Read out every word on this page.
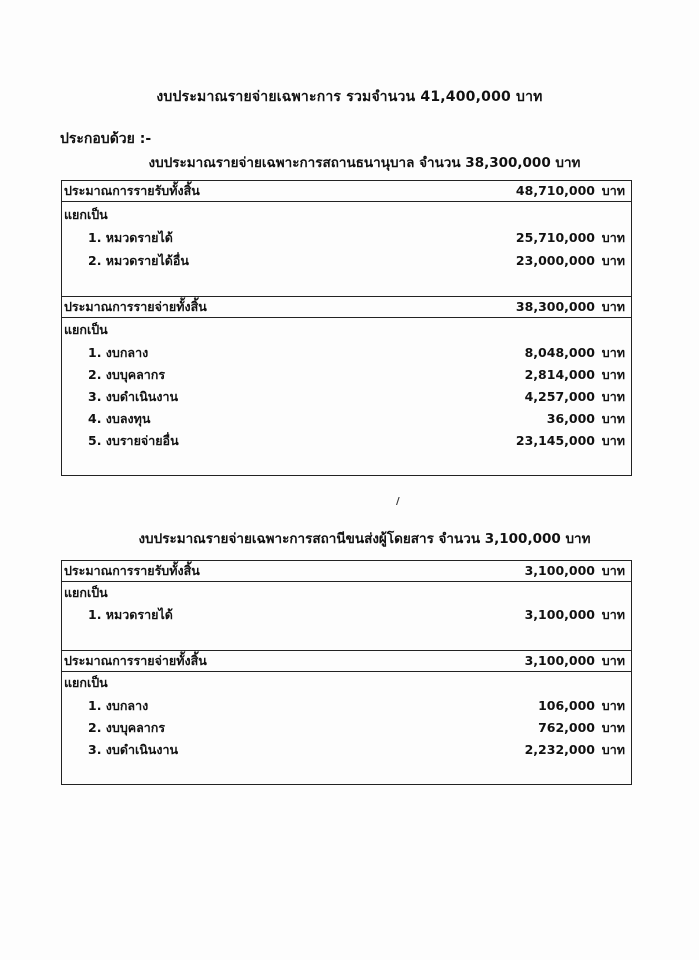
งบประมาณรายจ่ายเฉพาะการ รวมจำนวน 41,400,000 บาท
ประกอบด้วย :-
งบประมาณรายจ่ายเฉพาะการสถานธนานุบาล จำนวน 38,300,000 บาท
ประมาณการรายรับทั้งสิ้น	48,710,000 บาท
แยกเป็น
1. หมวดรายได้	25,710,000 บาท
2. หมวดรายได้อื่น	23,000,000 บาท
ประมาณการรายจ่ายทั้งสิ้น	38,300,000 บาท
แยกเป็น
1. งบกลาง	8,048,000 บาท
2. งบบุคลากร	2,814,000 บาท
3. งบดำเนินงาน	4,257,000 บาท
4. งบลงทุน	36,000 บาท
5. งบรายจ่ายอื่น	23,145,000 บาท
/
งบประมาณรายจ่ายเฉพาะการสถานีขนส่งผู้โดยสาร จำนวน 3,100,000 บาท
ประมาณการรายรับทั้งสิ้น	3,100,000 บาท
แยกเป็น
1. หมวดรายได้	3,100,000 บาท
ประมาณการรายจ่ายทั้งสิ้น	3,100,000 บาท
แยกเป็น
1. งบกลาง	106,000 บาท
2. งบบุคลากร	762,000 บาท
3. งบดำเนินงาน	2,232,000 บาท
